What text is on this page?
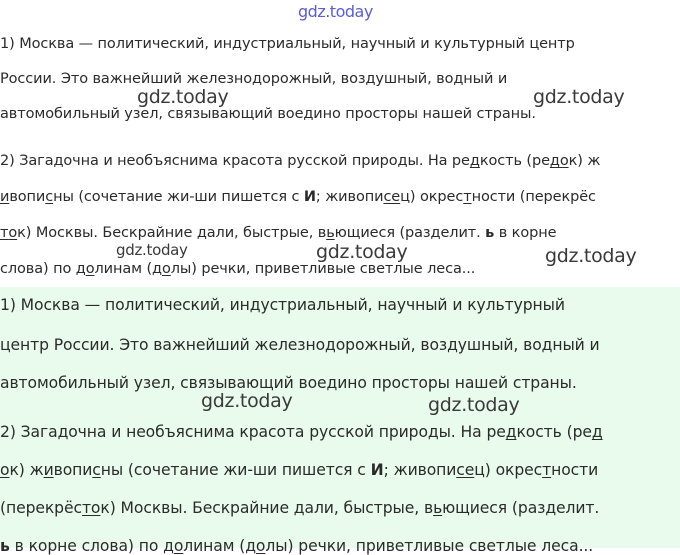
gdz.today
1) Москва — политический, индустриальный, научный и культурный центр
России. Это важнейший железнодорожный, воздушный, водный и
автомобильный узел, связывающий воедино просторы нашей страны.
2) Загадочна и необъяснима красота русской природы. На редкость (редок) ж
ивописны (сочетание жи-ши пишется с И; живописец) окрестности (перекрёс
ток) Москвы. Бескрайние дали, быстрые, вьющиеся (разделит. ь в корне
слова) по долинам (долы) речки, приветливые светлые леса...
gdz.today	gdz.today
gdz.today	gdz.today	gdz.today
1) Москва — политический, индустриальный, научный и культурный
центр России. Это важнейший железнодорожный, воздушный, водный и
автомобильный узел, связывающий воедино просторы нашей страны.
2) Загадочна и необъяснима красота русской природы. На редкость (ред
ок) живописны (сочетание жи-ши пишется с И; живописец) окрестности
(перекрёсток) Москвы. Бескрайние дали, быстрые, вьющиеся (разделит.
ь в корне слова) по долинам (долы) речки, приветливые светлые леса...
gdz.today	gdz.today
